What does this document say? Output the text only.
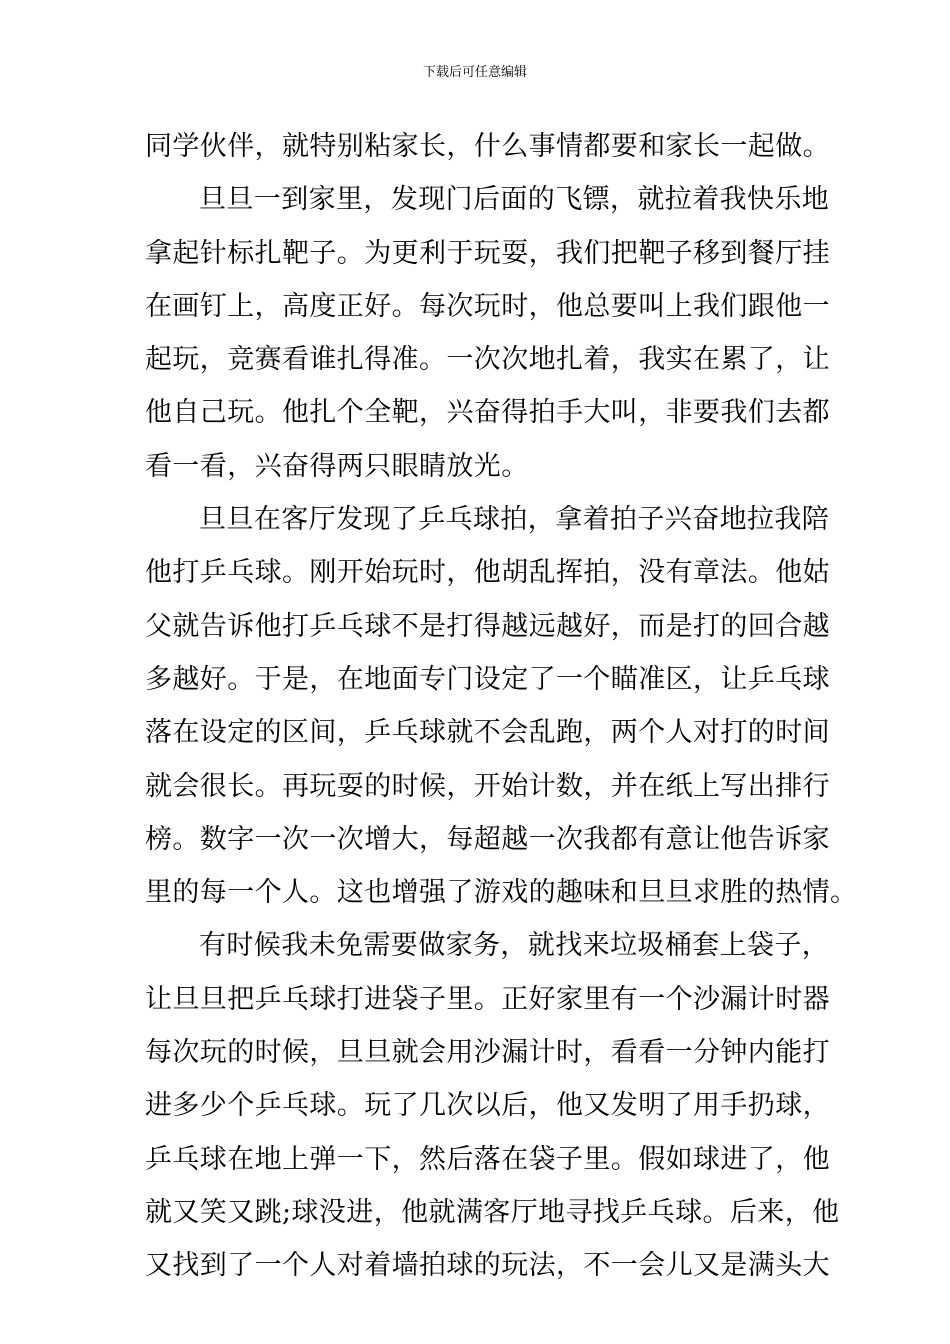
下载后可任意编辑
同学伙伴，就特别粘家长，什么事情都要和家长一起做。
旦旦一到家里，发现门后面的飞镖，就拉着我快乐地
拿起针标扎靶子。为更利于玩耍，我们把靶子移到餐厅挂
在画钉上，高度正好。每次玩时，他总要叫上我们跟他一
起玩，竞赛看谁扎得准。一次次地扎着，我实在累了，让
他自己玩。他扎个全靶，兴奋得拍手大叫，非要我们去都
看一看，兴奋得两只眼睛放光。
旦旦在客厅发现了乒乓球拍，拿着拍子兴奋地拉我陪
他打乒乓球。刚开始玩时，他胡乱挥拍，没有章法。他姑
父就告诉他打乒乓球不是打得越远越好，而是打的回合越
多越好。于是，在地面专门设定了一个瞄准区，让乒乓球
落在设定的区间，乒乓球就不会乱跑，两个人对打的时间
就会很长。再玩耍的时候，开始计数，并在纸上写出排行
榜。数字一次一次增大，每超越一次我都有意让他告诉家
里的每一个人。这也增强了游戏的趣味和旦旦求胜的热情。
有时候我未免需要做家务，就找来垃圾桶套上袋子，
让旦旦把乒乓球打进袋子里。正好家里有一个沙漏计时器
每次玩的时候，旦旦就会用沙漏计时，看看一分钟内能打
进多少个乒乓球。玩了几次以后，他又发明了用手扔球，
乒乓球在地上弹一下，然后落在袋子里。假如球进了，他
就又笑又跳;球没进，他就满客厅地寻找乒乓球。后来，他
又找到了一个人对着墙拍球的玩法，不一会儿又是满头大
